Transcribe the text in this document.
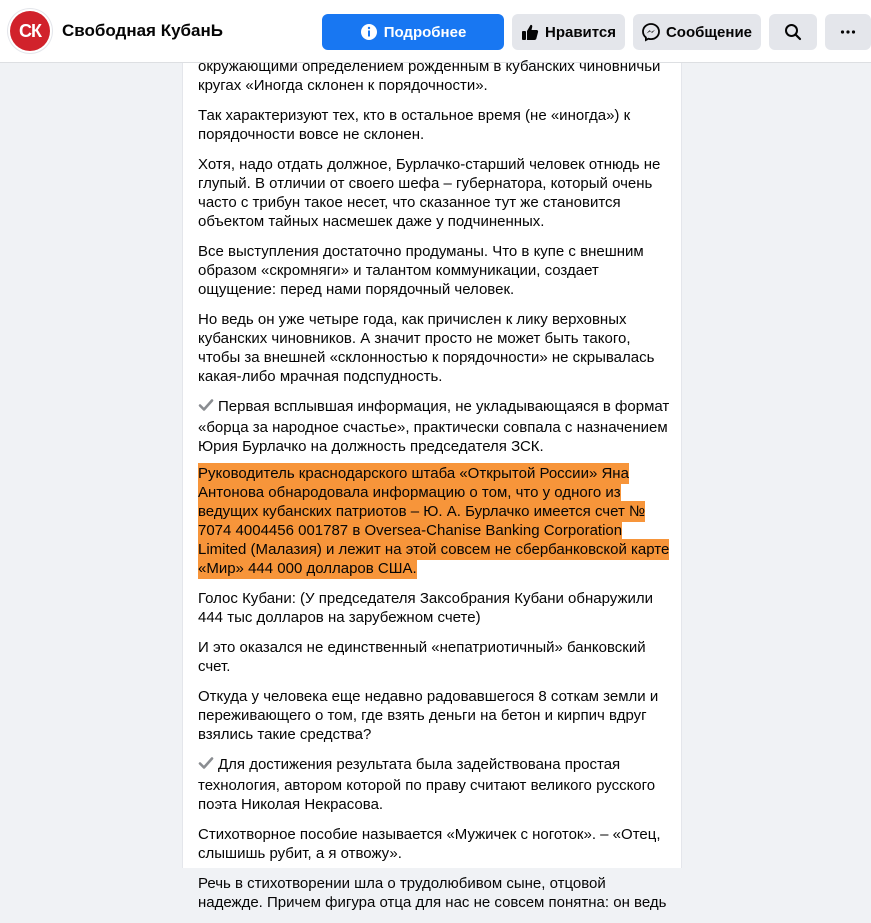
СК Свободная КубанЬ	Подробнее	Нравится	Сообщение

окружающими определением рожденным в кубанских чиновничьи кругах «Иногда склонен к порядочности».

Так характеризуют тех, кто в остальное время (не «иногда») к порядочности вовсе не склонен.

Хотя, надо отдать должное, Бурлачко-старший человек отнюдь не глупый. В отличии от своего шефа – губернатора, который очень часто с трибун такое несет, что сказанное тут же становится объектом тайных насмешек даже у подчиненных.

Все выступления достаточно продуманы. Что в купе с внешним образом «скромняги» и талантом коммуникации, создает ощущение: перед нами порядочный человек.

Но ведь он уже четыре года, как причислен к лику верховных кубанских чиновников. А значит просто не может быть такого, чтобы за внешней «склонностью к порядочности» не скрывалась какая-либо мрачная подспудность.

Первая всплывшая информация, не укладывающаяся в формат «борца за народное счастье», практически совпала с назначением Юрия Бурлачко на должность председателя ЗСК.

Руководитель краснодарского штаба «Открытой России» Яна Антонова обнародовала информацию о том, что у одного из ведущих кубанских патриотов – Ю. А. Бурлачко имеется счет № 7074 4004456 001787 в Oversea-Chanise Banking Corporation Limited (Малазия) и лежит на этой совсем не сбербанковской карте «Мир» 444 000 долларов США.

Голос Кубани: (У председателя Заксобрания Кубани обнаружили 444 тыс долларов на зарубежном счете)

И это оказался не единственный «непатриотичный» банковский счет.

Откуда у человека еще недавно радовавшегося 8 соткам земли и переживающего о том, где взять деньги на бетон и кирпич вдруг взялись такие средства?

Для достижения результата была задействована простая технология, автором которой по праву считают великого русского поэта Николая Некрасова.

Стихотворное пособие называется «Мужичек с ноготок». – «Отец, слышишь рубит, а я отвожу».

Речь в стихотворении шла о трудолюбивом сыне, отцовой надежде. Причем фигура отца для нас не совсем понятна: он ведь
